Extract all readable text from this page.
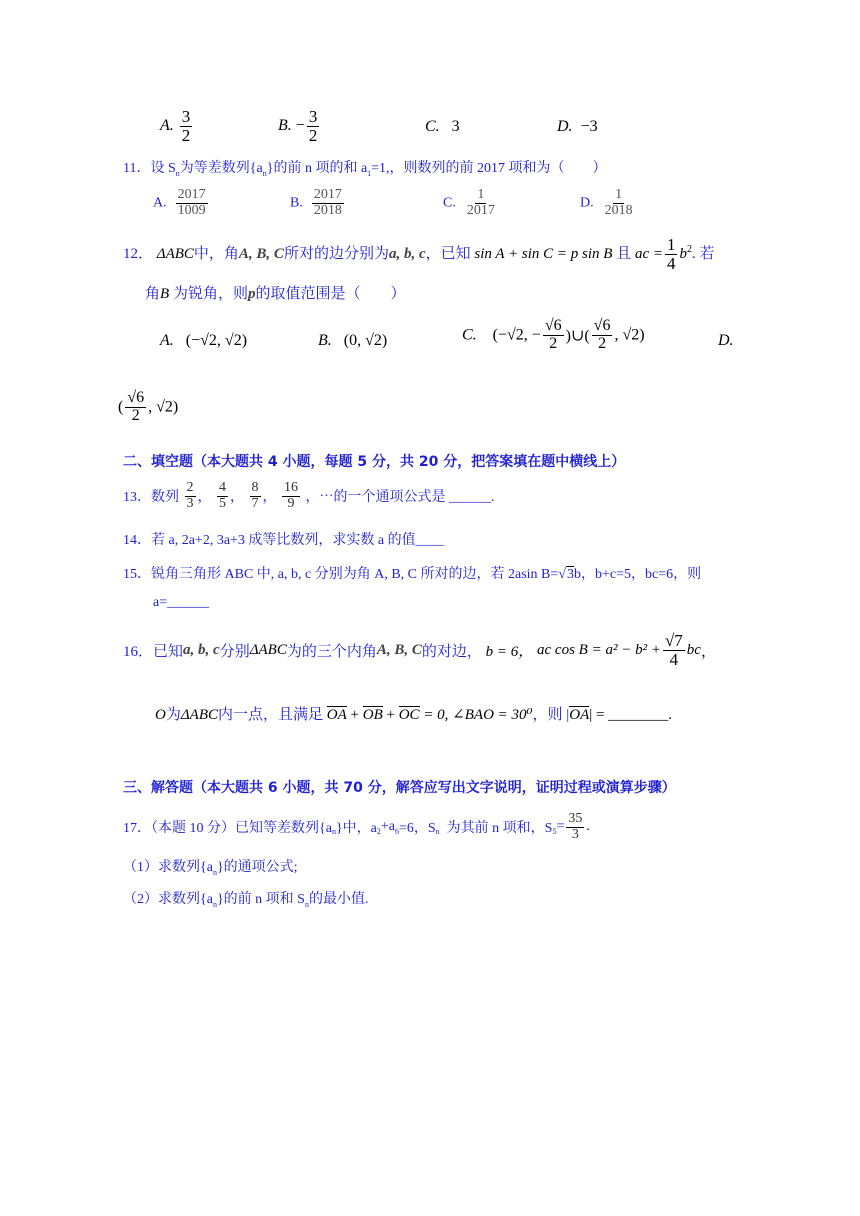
A. $\frac{3}{2}$	B. − $\frac{3}{2}$	C. 3	D. −3
11．设 $S_n$为等差数列$\{a_n\}$的前 n 项的和 $a_1=1$,，则数列的前 2017 项和为（　　）
A. $\frac{2017}{1009}$	B. $\frac{2017}{2018}$	C. $\frac{1}{2017}$	D. $\frac{1}{2018}$
12． ΔABC中，角A, B, C所对的边分别为a, b, c，已知 sin A + sin C = p sin B 且 ac = $\frac{1}{4} b^2$. 若
角B 为锐角，则p的取值范围是（　　）
A. (−√2, √2)	B. (0, √2)	C. (−√2, − $\frac{√6}{2}$ )∪( $\frac{√6}{2}$ , √2)	D.
( $\frac{√6}{2}$ , √2)
二、填空题（本大题共 4 小题，每题 5 分，共 20 分，把答案填在题中横线上）
13．数列 $\frac{2}{3}$ ， $\frac{4}{5}$ ， $\frac{8}{7}$ ， $\frac{16}{9}$ ，⋯的一个通项公式是 ______.
14．若 a, 2a+2, 3a+3 成等比数列，求实数 a 的值____
15．锐角三角形 ABC 中, a, b, c 分别为角 A, B, C 所对的边，若 2asin B=√3b，b+c=5，bc=6，则
a=______
16．已知a, b, c分别ΔABC为的三个内角A, B, C的对边， b = 6， ac $\cos B = a^2 - b^2 + \frac{√7}{4}$ bc，
O为ΔABC内一点，且满足 OA + OB + OC = 0, ∠BAO = 30⁰，则 |OA| = ________.
三、解答题（本大题共 6 小题，共 70 分，解答应写出文字说明，证明过程或演算步骤）
17．（本题 10 分）已知等差数列$\{a_n\}$中，$a_2+a_6=6$，$S_n$ 为其前 n 项和，$S_5= \frac{35}{3}$ .
（1）求数列$\{a_n\}$的通项公式;
（2）求数列$\{a_n\}$的前 n 项和 $S_n$的最小值.
